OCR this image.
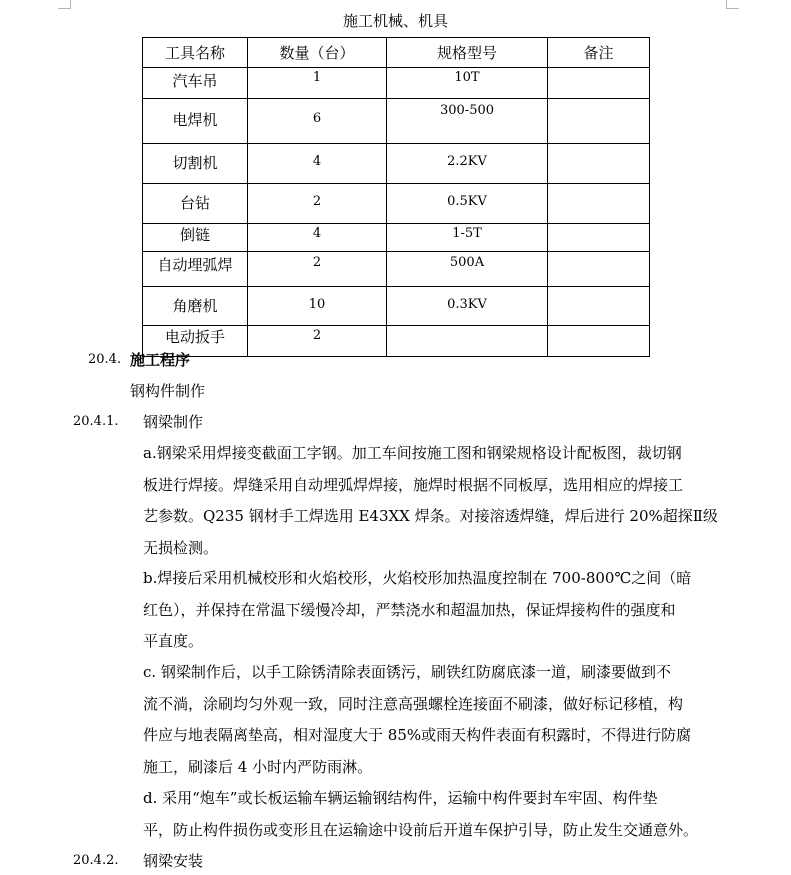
施工机械、机具
工具名称	数量（台）	规格型号	备注
汽车吊	1	10T	
电焊机	6	300-500	
切割机	4	2.2KV	
台钻	2	0.5KV	
倒链	4	1-5T	
自动埋弧焊	2	500A	
角磨机	10	0.3KV	
电动扳手	2		
20.4. 施工程序
钢构件制作
20.4.1. 钢梁制作
a.钢梁采用焊接变截面工字钢。加工车间按施工图和钢梁规格设计配板图，裁切钢
板进行焊接。焊缝采用自动埋弧焊焊接，施焊时根据不同板厚，选用相应的焊接工
艺参数。Q235 钢材手工焊选用 E43XX 焊条。对接溶透焊缝，焊后进行 20%超探Ⅱ级
无损检测。
b.焊接后采用机械校形和火焰校形，火焰校形加热温度控制在 700-800℃之间（暗
红色），并保持在常温下缓慢冷却，严禁浇水和超温加热，保证焊接构件的强度和
平直度。
c. 钢梁制作后，以手工除锈清除表面锈污，刷铁红防腐底漆一道，刷漆要做到不
流不淌，涂刷均匀外观一致，同时注意高强螺栓连接面不刷漆，做好标记移植，构
件应与地表隔离垫高，相对湿度大于 85%或雨天构件表面有积露时，不得进行防腐
施工，刷漆后 4 小时内严防雨淋。
d. 采用“炮车”或长板运输车辆运输钢结构件，运输中构件要封车牢固、构件垫
平，防止构件损伤或变形且在运输途中设前后开道车保护引导，防止发生交通意外。
20.4.2. 钢梁安装
